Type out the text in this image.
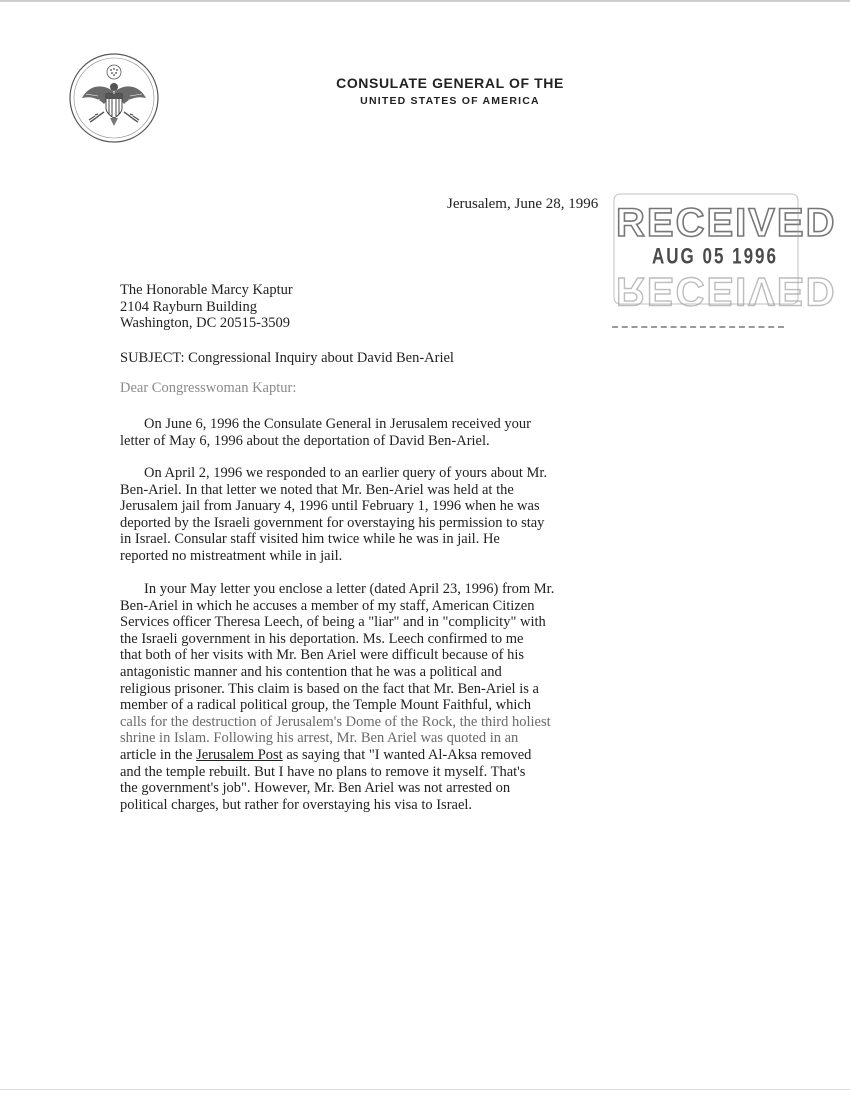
CONSULATE GENERAL OF THE
UNITED STATES OF AMERICA
Jerusalem, June 28, 1996 RECEIVED
RECEIVED
AUG 05 1996
The Honorable Marcy Kaptur
2104 Rayburn Building
Washington, DC 20515-3509
SUBJECT: Congressional Inquiry about David Ben-Ariel
Dear Congresswoman Kaptur:
On June 6, 1996 the Consulate General in Jerusalem received your
letter of May 6, 1996 about the deportation of David Ben-Ariel.
On April 2, 1996 we responded to an earlier query of yours about Mr.
Ben-Ariel. In that letter we noted that Mr. Ben-Ariel was held at the
Jerusalem jail from January 4, 1996 until February 1, 1996 when he was
deported by the Israeli government for overstaying his permission to stay
in Israel. Consular staff visited him twice while he was in jail. He
reported no mistreatment while in jail.
In your May letter you enclose a letter (dated April 23, 1996) from Mr.
Ben-Ariel in which he accuses a member of my staff, American Citizen
Services officer Theresa Leech, of being a "liar" and in "complicity" with
the Israeli government in his deportation. Ms. Leech confirmed to me
that both of her visits with Mr. Ben Ariel were difficult because of his
antagonistic manner and his contention that he was a political and
religious prisoner. This claim is based on the fact that Mr. Ben-Ariel is a
member of a radical political group, the Temple Mount Faithful, which
calls for the destruction of Jerusalem's Dome of the Rock, the third holiest
shrine in Islam. Following his arrest, Mr. Ben Ariel was quoted in an
article in the Jerusalem Post as saying that "I wanted Al-Aksa removed
and the temple rebuilt. But I have no plans to remove it myself. That's
the government's job". However, Mr. Ben Ariel was not arrested on
political charges, but rather for overstaying his visa to Israel.
